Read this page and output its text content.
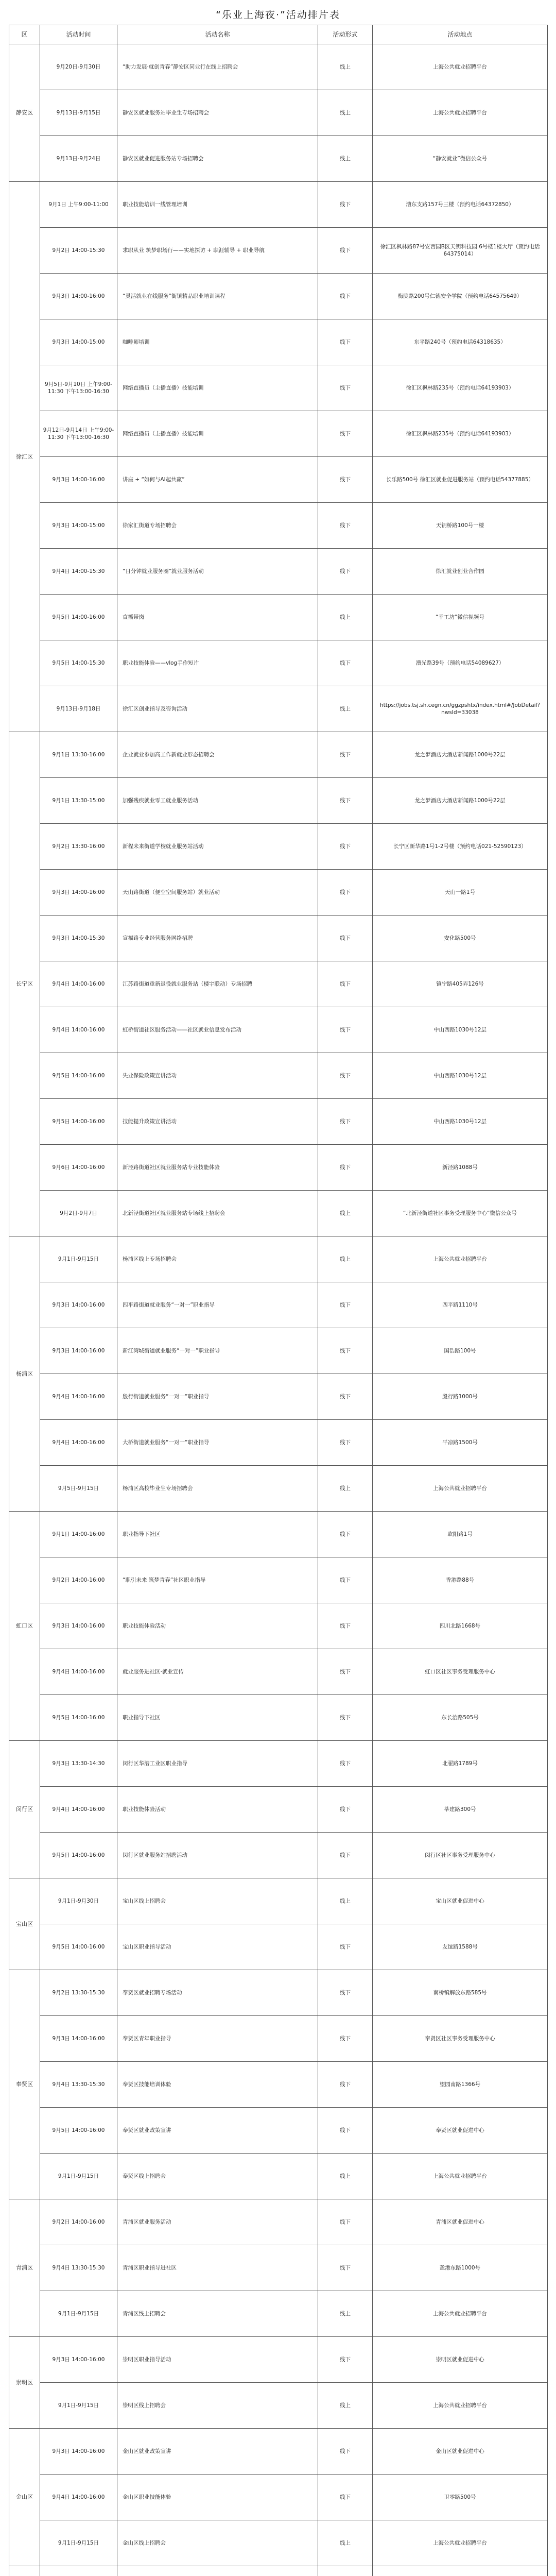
“乐业上海夜·”活动排片表
区	活动时间	活动名称	活动形式	活动地点
静安区	9月20日-9月30日	“助力发展·就创青春”静安区同业行在线上招聘会	线上	上海公共就业招聘平台
	9月13日-9月15日	静安区就业服务站毕业生专场招聘会	线上	上海公共就业招聘平台
	9月13日-9月24日	静安区就业促进服务站专场招聘会	线上	“静安就业”微信公众号
徐汇区	9月1日 上午9:00-11:00	职业技能培训一线管理培训	线下	漕东支路157号三楼（预约电话64372850）
	9月2日 14:00-15:30	求职从业 筑梦职场行——实地探访 + 职涯辅导 + 职业导航	线下	徐汇区枫林路87号安西园B区天钥科技园 6号楼1楼大厅（预约电话64375014）
	9月3日 14:00-16:00	“灵活就业在线服务”街镇精品职业培训课程	线下	梅陇路200号仁德安全学院（预约电话64575649）
	9月3日 14:00-15:00	咖啡师培训	线下	东平路240号（预约电话64318635）
	9月5日-9月10日 上午9:00-11:30 下午13:00-16:30	网络直播员（主播直播）技能培训	线下	徐汇区枫林路235号（预约电话64193903）
	9月12日-9月14日 上午9:00-11:30 下午13:00-16:30	网络直播员（主播直播）技能培训	线下	徐汇区枫林路235号（预约电话64193903）
	9月3日 14:00-16:00	讲座 + “如何与AI起共赢”	线下	长乐路500号 徐汇区就业促进服务站（预约电话54377885）
	9月3日 14:00-15:00	徐家汇街道专场招聘会	线下	天钥桥路100号一楼
	9月4日 14:00-15:30	“日分钟就业服务圈”就业服务活动	线下	徐汇就业创业合作园
	9月5日 14:00-16:00	直播带岗	线上	“幸工坊”微信视频号
	9月5日 14:00-15:30	职业技能体验——vlog手作短片	线下	漕光路39号（预约电话54089627）
	9月13日-9月18日	徐汇区创业指导及咨询活动	线上	https://jobs.tsj.sh.cegn.cn/ggzpshtx/index.html#/JobDetail?nwsId=33038
长宁区	9月1日 13:30-16:00	企业就业参加高工作新就业形态招聘会	线下	龙之梦酒店大酒店新闻路1000号22层
	9月1日 13:30-15:00	加强残疾就业零工就业服务活动	线下	龙之梦酒店大酒店新闻路1000号22层
	9月2日 13:30-16:00	新程未来街道学校就业服务站活动	线下	长宁区新华路1号1-2号楼（预约电话021-52590123）
	9月3日 14:00-16:00	天山路街道（便空空间服务站）就业活动	线下	天山一路1号
	9月3日 14:00-15:30	宣福路专业经营服务网络招聘	线下	安化路500号
	9月4日 14:00-16:00	江苏路街道重新退役就业服务站（楼宇联动）专场招聘	线下	镇宁路405弄126号
	9月4日 14:00-16:00	虹桥街道社区服务活动——社区就业信息发布活动	线下	中山西路1030号12层
	9月5日 14:00-16:00	失业保险政策宣讲活动	线下	中山西路1030号12层
	9月5日 14:00-16:00	技能提升政策宣讲活动	线下	中山西路1030号12层
	9月6日 14:00-16:00	新泾路街道社区就业服务站专业技能体验	线下	新泾路1088号
	9月2日-9月7日	北新泾街道社区就业服务站专场线上招聘会	线上	“北新泾街道社区事务受理服务中心”微信公众号
杨浦区	9月1日-9月15日	杨浦区线上专场招聘会	线上	上海公共就业招聘平台
	9月3日 14:00-16:00	四平路街道就业服务“一对一”职业指导	线下	四平路1110号
	9月3日 14:00-16:00	新江湾城街道就业服务“一对一”职业指导	线下	国浩路100号
	9月4日 14:00-16:00	殷行街道就业服务“一对一”职业指导	线下	殷行路1000号
	9月4日 14:00-16:00	大桥街道就业服务“一对一”职业指导	线下	平凉路1500号
	9月5日-9月15日	杨浦区高校毕业生专场招聘会	线上	上海公共就业招聘平台
虹口区	9月1日 14:00-16:00	职业指导下社区	线下	欧阳路1号
	9月2日 14:00-16:00	“职引未来 筑梦青春”社区职业指导	线下	香港路88号
	9月3日 14:00-16:00	职业技能体验活动	线下	四川北路1668号
	9月4日 14:00-16:00	就业服务进社区·就业宣传	线下	虹口区社区事务受理服务中心
	9月5日 14:00-16:00	职业指导下社区	线下	东长治路505号
闵行区	9月3日 13:30-14:30	闵行区华漕工业区职业指导	线下	北翟路1789号
	9月4日 14:00-16:00	职业技能体验活动	线下	莘建路300号
	9月5日 14:00-16:00	闵行区就业服务站招聘活动	线下	闵行区社区事务受理服务中心
宝山区	9月1日-9月30日	宝山区线上招聘会	线上	宝山区就业促进中心
	9月5日 14:00-16:00	宝山区职业指导活动	线下	友谊路1588号
奉贤区	9月2日 13:30-15:30	奉贤区就业招聘专场活动	线下	南桥镇解放东路585号
	9月3日 14:00-16:00	奉贤区青年职业指导	线下	奉贤区社区事务受理服务中心
	9月4日 13:30-15:30	奉贤区技能培训体验	线下	望园南路1366号
	9月5日 14:00-16:00	奉贤区就业政策宣讲	线下	奉贤区就业促进中心
	9月1日-9月15日	奉贤区线上招聘会	线上	上海公共就业招聘平台
青浦区	9月2日 14:00-16:00	青浦区就业服务活动	线下	青浦区就业促进中心
	9月4日 13:30-15:30	青浦区职业指导进社区	线下	盈港东路1000号
	9月1日-9月15日	青浦区线上招聘会	线上	上海公共就业招聘平台
崇明区	9月3日 14:00-16:00	崇明区职业指导活动	线下	崇明区就业促进中心
	9月1日-9月15日	崇明区线上招聘会	线上	上海公共就业招聘平台
金山区	9月3日 14:00-16:00	金山区就业政策宣讲	线下	金山区就业促进中心
	9月4日 14:00-16:00	金山区职业技能体验	线下	卫零路500号
	9月1日-9月15日	金山区线上招聘会	线上	上海公共就业招聘平台
